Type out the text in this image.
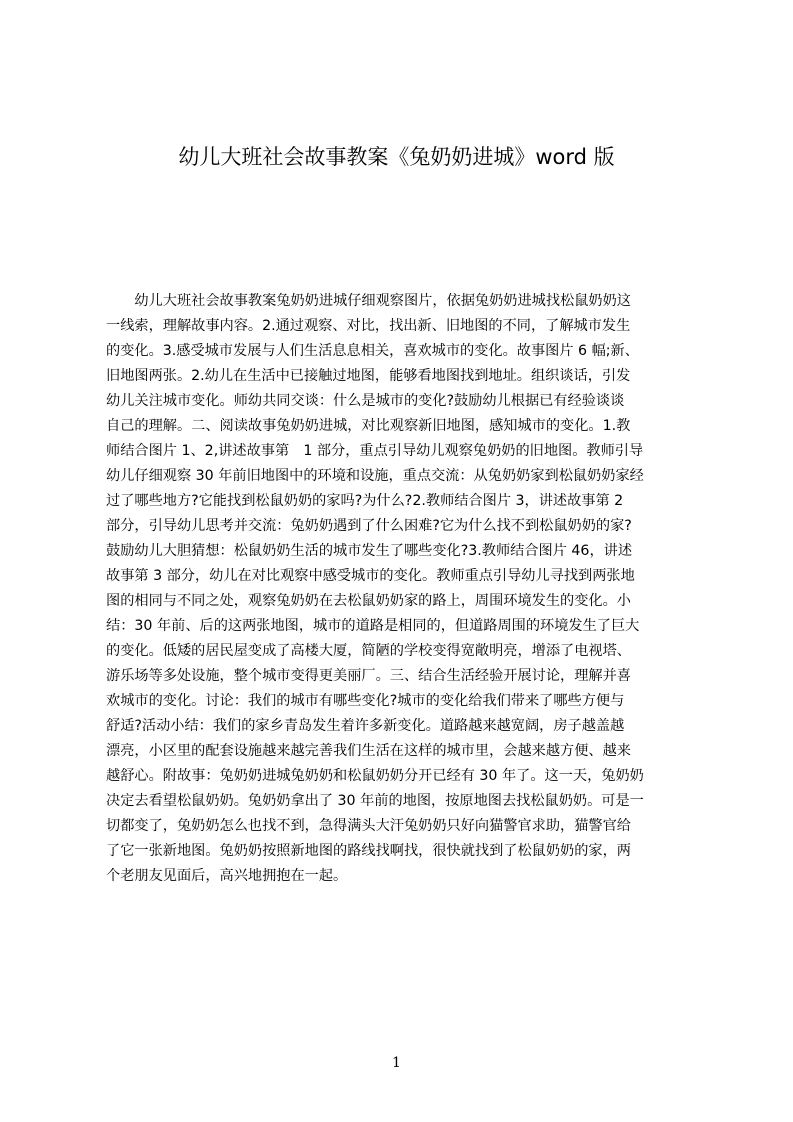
幼儿大班社会故事教案《兔奶奶进城》word 版
　　幼儿大班社会故事教案兔奶奶进城仔细观察图片，依据兔奶奶进城找松鼠奶奶这
一线索，理解故事内容。2.通过观察、对比，找出新、旧地图的不同，了解城市发生
的变化。3.感受城市发展与人们生活息息相关，喜欢城市的变化。故事图片 6 幅;新、
旧地图两张。2.幼儿在生活中已接触过地图，能够看地图找到地址。组织谈话，引发
幼儿关注城市变化。师幼共同交谈：什么是城市的变化?鼓励幼儿根据已有经验谈谈
自己的理解。二、阅读故事兔奶奶进城，对比观察新旧地图，感知城市的变化。1.教
师结合图片 1、2,讲述故事第　1 部分，重点引导幼儿观察兔奶奶的旧地图。教师引导
幼儿仔细观察 30 年前旧地图中的环境和设施，重点交流：从兔奶奶家到松鼠奶奶家经
过了哪些地方?它能找到松鼠奶奶的家吗?为什么?2.教师结合图片 3，讲述故事第 2
部分，引导幼儿思考并交流：兔奶奶遇到了什么困难?它为什么找不到松鼠奶奶的家?
鼓励幼儿大胆猜想：松鼠奶奶生活的城市发生了哪些变化?3.教师结合图片 46，讲述
故事第 3 部分，幼儿在对比观察中感受城市的变化。教师重点引导幼儿寻找到两张地
图的相同与不同之处，观察兔奶奶在去松鼠奶奶家的路上，周围环境发生的变化。小
结：30 年前、后的这两张地图，城市的道路是相同的，但道路周围的环境发生了巨大
的变化。低矮的居民屋变成了高楼大厦，简陋的学校变得宽敞明亮，增添了电视塔、
游乐场等多处设施，整个城市变得更美丽厂。三、结合生活经验开展讨论，理解并喜
欢城市的变化。讨论：我们的城市有哪些变化?城市的变化给我们带来了哪些方便与
舒适?活动小结：我们的家乡青岛发生着许多新变化。道路越来越宽阔，房子越盖越
漂亮，小区里的配套设施越来越完善我们生活在这样的城市里，会越来越方便、越来
越舒心。附故事：兔奶奶进城兔奶奶和松鼠奶奶分开已经有 30 年了。这一天，兔奶奶
决定去看望松鼠奶奶。兔奶奶拿出了 30 年前的地图，按原地图去找松鼠奶奶。可是一
切都变了，兔奶奶怎么也找不到，急得满头大汗兔奶奶只好向猫警官求助，猫警官给
了它一张新地图。兔奶奶按照新地图的路线找啊找，很快就找到了松鼠奶奶的家，两
个老朋友见面后，高兴地拥抱在一起。
1
